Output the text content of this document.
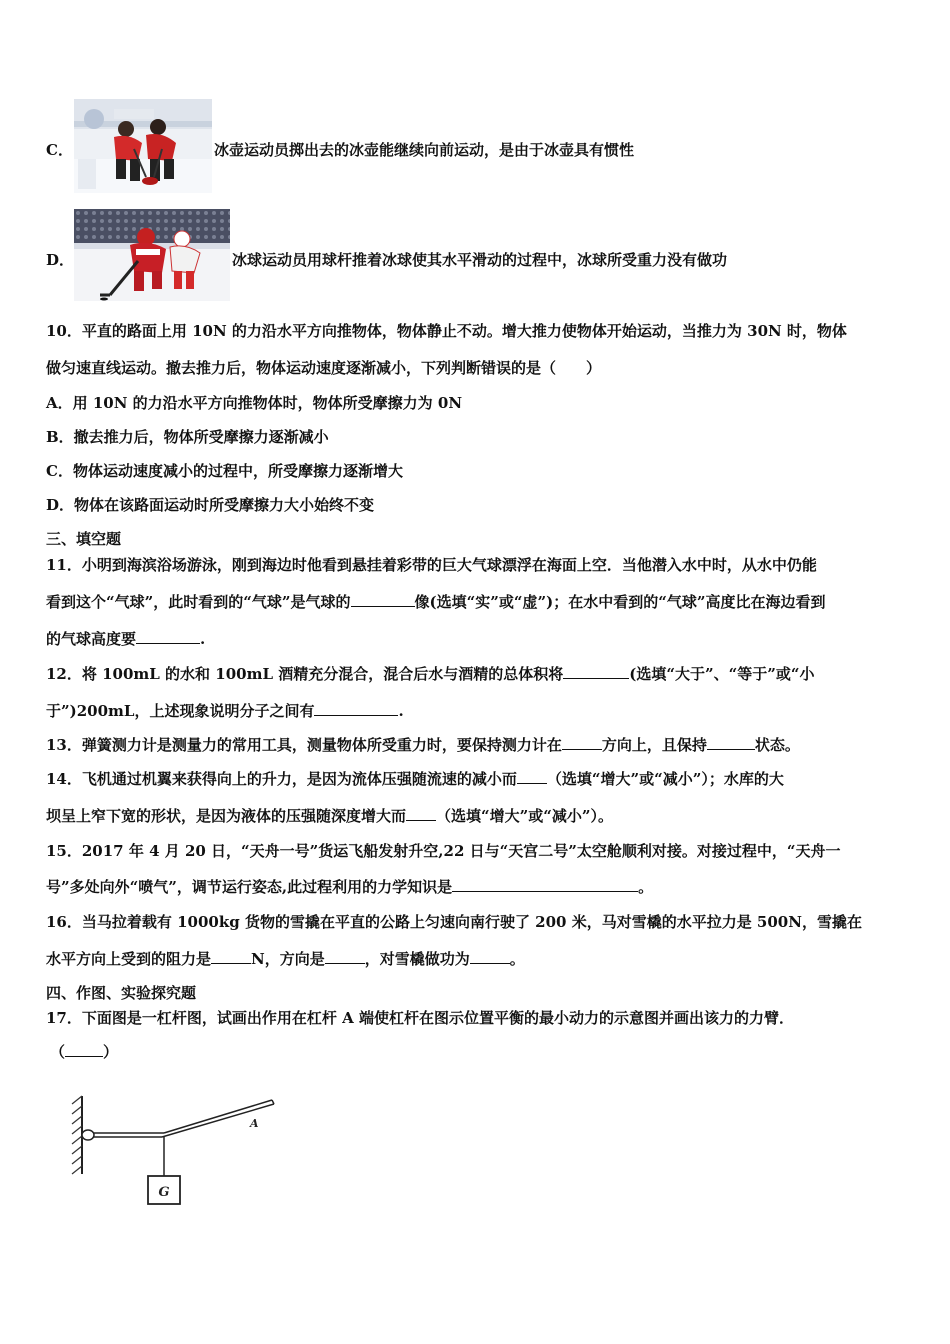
C．	冰壶运动员掷出去的冰壶能继续向前运动，是由于冰壶具有惯性
D．	冰球运动员用球杆推着冰球使其水平滑动的过程中，冰球所受重力没有做功
10．平直的路面上用 10N 的力沿水平方向推物体，物体静止不动。增大推力使物体开始运动，当推力为 30N 时，物体
做匀速直线运动。撤去推力后，物体运动速度逐渐减小，下列判断错误的是（　　）
A．用 10N 的力沿水平方向推物体时，物体所受摩擦力为 0N
B．撤去推力后，物体所受摩擦力逐渐减小
C．物体运动速度减小的过程中，所受摩擦力逐渐增大
D．物体在该路面运动时所受摩擦力大小始终不变
三、填空题
11．小明到海滨浴场游泳，刚到海边时他看到悬挂着彩带的巨大气球漂浮在海面上空．当他潜入水中时，从水中仍能
看到这个“气球”，此时看到的“气球”是气球的	像(选填“实”或“虚”)；在水中看到的“气球”高度比在海边看到
的气球高度要	.
12．将 100mL 的水和 100mL 酒精充分混合，混合后水与酒精的总体积将	(选填“大于”、“等于”或“小
于”)200mL，上述现象说明分子之间有	.
13．弹簧测力计是测量力的常用工具，测量物体所受重力时，要保持测力计在	方向上，且保持	状态。
14．飞机通过机翼来获得向上的升力，是因为流体压强随流速的减小而 （选填“增大”或“减小”）；水库的大
坝呈上窄下宽的形状，是因为液体的压强随深度增大而 （选填“增大”或“减小”）。
15．2017 年 4 月 20 日，“天舟一号”货运飞船发射升空,22 日与“天宫二号”太空舱顺利对接。对接过程中，“天舟一
号”多处向外“喷气”，调节运行姿态,此过程利用的力学知识是	。
16．当马拉着载有 1000kg 货物的雪撬在平直的公路上匀速向南行驶了 200 米，马对雪橇的水平拉力是 500N，雪撬在
水平方向上受到的阻力是	N，方向是	，对雪橇做功为	。
四、作图、实验探究题
17．下面图是一杠杆图，试画出作用在杠杆 A 端使杠杆在图示位置平衡的最小动力的示意图并画出该力的力臂．
（	）
G
A
